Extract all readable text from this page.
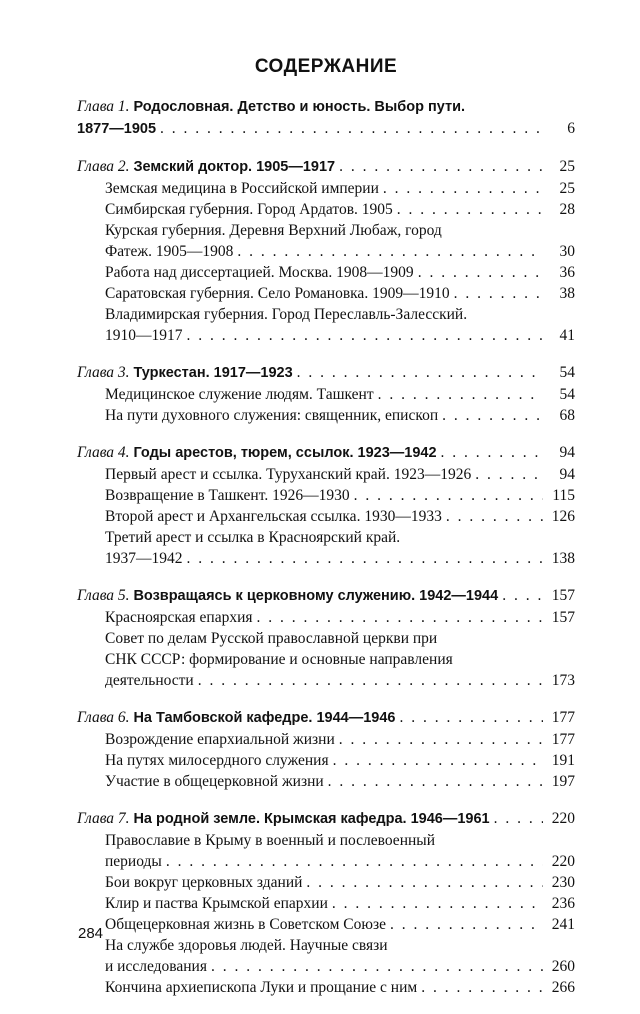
СОДЕРЖАНИЕ
Глава 1. Родословная. Детство и юность. Выбор пути.
1877—1905 . . .	6
Глава 2. Земский доктор. 1905—1917 . . .	25
Земская медицина в Российской империи . . .	25
Симбирская губерния. Город Ардатов. 1905 . . .	28
Курская губерния. Деревня Верхний Любаж, город
Фатеж. 1905—1908 . . .	30
Работа над диссертацией. Москва. 1908—1909 . . .	36
Саратовская губерния. Село Романовка. 1909—1910 . . .	38
Владимирская губерния. Город Переславль-Залесский.
1910—1917 . . .	41
Глава 3. Туркестан. 1917—1923 . . .	54
Медицинское служение людям. Ташкент . . .	54
На пути духовного служения: священник, епископ . . .	68
Глава 4. Годы арестов, тюрем, ссылок. 1923—1942 . . .	94
Первый арест и ссылка. Туруханский край. 1923—1926 . . .	94
Возвращение в Ташкент. 1926—1930 . . .	115
Второй арест и Архангельская ссылка. 1930—1933 . . .	126
Третий арест и ссылка в Красноярский край.
1937—1942 . . .	138
Глава 5. Возвращаясь к церковному служению. 1942—1944 . . .	157
Красноярская епархия . . .	157
Совет по делам Русской православной церкви при
СНК СССР: формирование и основные направления
деятельности . . .	173
Глава 6. На Тамбовской кафедре. 1944—1946 . . .	177
Возрождение епархиальной жизни . . .	177
На путях милосердного служения . . .	191
Участие в общецерковной жизни . . .	197
Глава 7. На родной земле. Крымская кафедра. 1946—1961 . . .	220
Православие в Крыму в военный и послевоенный
периоды . . .	220
Бои вокруг церковных зданий . . .	230
Клир и паства Крымской епархии . . .	236
Общецерковная жизнь в Советском Союзе . . .	241
На службе здоровья людей. Научные связи
и исследования . . .	260
Кончина архиепископа Луки и прощание с ним . . .	266
284
